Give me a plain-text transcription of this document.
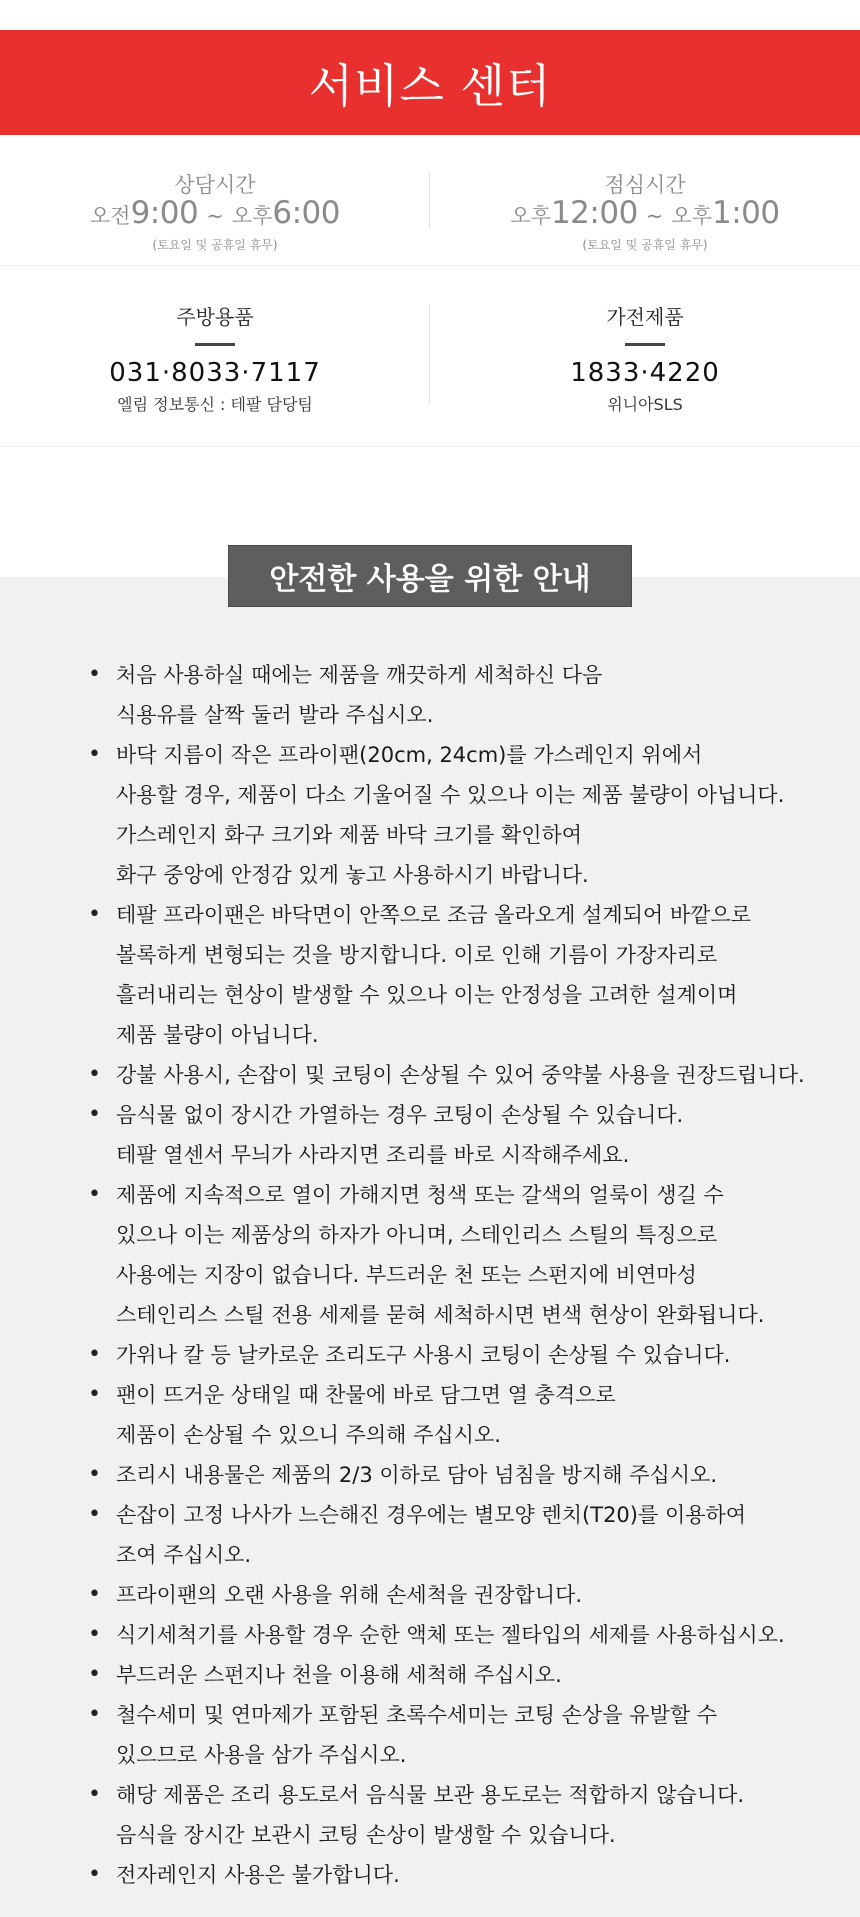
서비스 센터
상담시간
오전9:00 ~ 오후6:00
(토요일 및 공휴일 휴무)
점심시간
오후12:00 ~ 오후1:00
(토요일 및 공휴일 휴무)
주방용품
031·8033·7117
엘림 정보통신 : 테팔 담당팀
가전제품
1833·4220
위니아SLS
안전한 사용을 위한 안내
• 처음 사용하실 때에는 제품을 깨끗하게 세척하신 다음
식용유를 살짝 둘러 발라 주십시오.
• 바닥 지름이 작은 프라이팬(20cm, 24cm)를 가스레인지 위에서
사용할 경우, 제품이 다소 기울어질 수 있으나 이는 제품 불량이 아닙니다.
가스레인지 화구 크기와 제품 바닥 크기를 확인하여
화구 중앙에 안정감 있게 놓고 사용하시기 바랍니다.
• 테팔 프라이팬은 바닥면이 안쪽으로 조금 올라오게 설계되어 바깥으로
볼록하게 변형되는 것을 방지합니다. 이로 인해 기름이 가장자리로
흘러내리는 현상이 발생할 수 있으나 이는 안정성을 고려한 설계이며
제품 불량이 아닙니다.
• 강불 사용시, 손잡이 및 코팅이 손상될 수 있어 중약불 사용을 권장드립니다.
• 음식물 없이 장시간 가열하는 경우 코팅이 손상될 수 있습니다.
테팔 열센서 무늬가 사라지면 조리를 바로 시작해주세요.
• 제품에 지속적으로 열이 가해지면 청색 또는 갈색의 얼룩이 생길 수
있으나 이는 제품상의 하자가 아니며, 스테인리스 스틸의 특징으로
사용에는 지장이 없습니다. 부드러운 천 또는 스펀지에 비연마성
스테인리스 스틸 전용 세제를 묻혀 세척하시면 변색 현상이 완화됩니다.
• 가위나 칼 등 날카로운 조리도구 사용시 코팅이 손상될 수 있습니다.
• 팬이 뜨거운 상태일 때 찬물에 바로 담그면 열 충격으로
제품이 손상될 수 있으니 주의해 주십시오.
• 조리시 내용물은 제품의 2/3 이하로 담아 넘침을 방지해 주십시오.
• 손잡이 고정 나사가 느슨해진 경우에는 별모양 렌치(T20)를 이용하여
조여 주십시오.
• 프라이팬의 오랜 사용을 위해 손세척을 권장합니다.
• 식기세척기를 사용할 경우 순한 액체 또는 젤타입의 세제를 사용하십시오.
• 부드러운 스펀지나 천을 이용해 세척해 주십시오.
• 철수세미 및 연마제가 포함된 초록수세미는 코팅 손상을 유발할 수
있으므로 사용을 삼가 주십시오.
• 해당 제품은 조리 용도로서 음식물 보관 용도로는 적합하지 않습니다.
음식을 장시간 보관시 코팅 손상이 발생할 수 있습니다.
• 전자레인지 사용은 불가합니다.
